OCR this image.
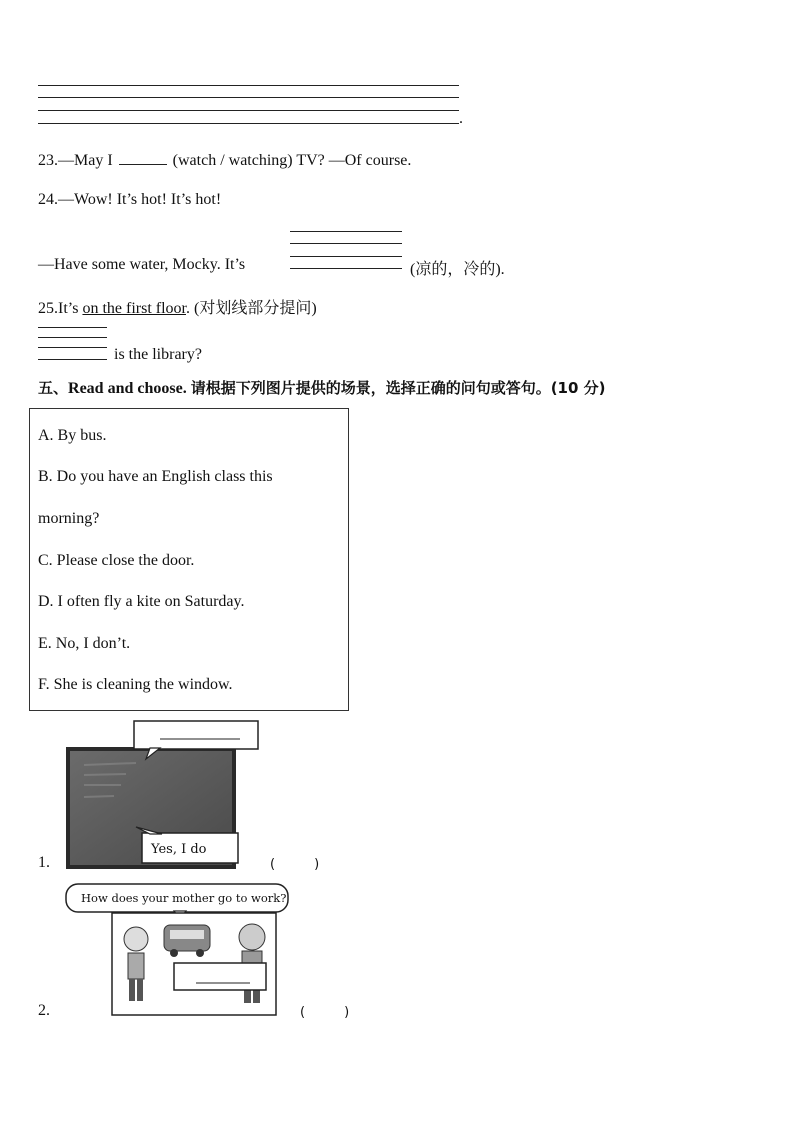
.
23.—May I	(watch / watching) TV? —Of course.
24.—Wow! It’s hot! It’s hot!
—Have some water, Mocky. It’s	(凉的，冷的).
25.It’s on the first floor. (对划线部分提问)
is the library?
五、Read and choose. 请根据下列图片提供的场景，选择正确的问句或答句。(10 分)
A. By bus.
B. Do you have an English class this
morning?
C. Please close the door.
D. I often fly a kite on Saturday.
E. No, I don’t.
F. She is cleaning the window.
1.
Yes, I do
(　　　)
2.
How does your mother go to work?
(　　　)
